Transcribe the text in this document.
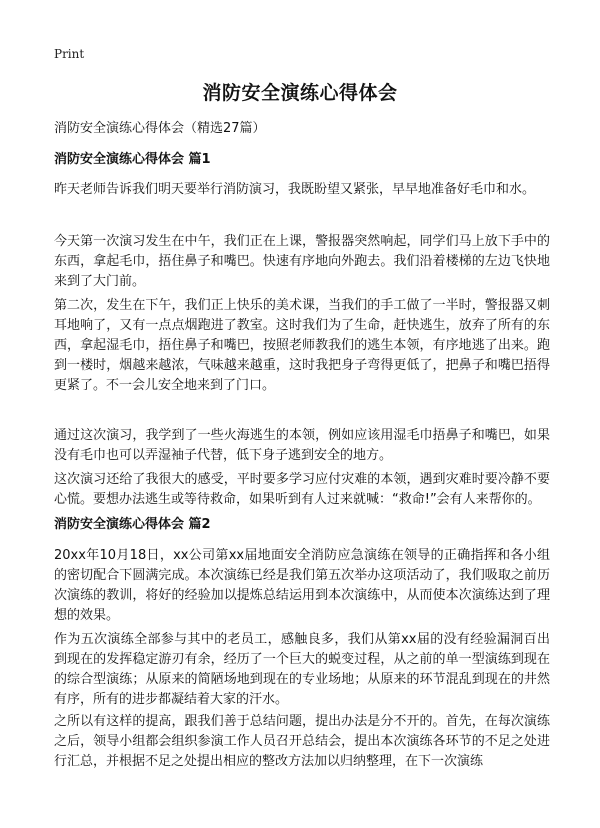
Print
消防安全演练心得体会

消防安全演练心得体会（精选27篇）

消防安全演练心得体会 篇1

昨天老师告诉我们明天要举行消防演习，我既盼望又紧张，早早地准备好毛巾和水。

今天第一次演习发生在中午，我们正在上课，警报器突然响起，同学们马上放下手中的东西，拿起毛巾，捂住鼻子和嘴巴。快速有序地向外跑去。我们沿着楼梯的左边飞快地来到了大门前。

第二次，发生在下午，我们正上快乐的美术课，当我们的手工做了一半时，警报器又刺耳地响了，又有一点点烟跑进了教室。这时我们为了生命，赶快逃生，放弃了所有的东西，拿起湿毛巾，捂住鼻子和嘴巴，按照老师教我们的逃生本领，有序地逃了出来。跑到一楼时，烟越来越浓，气味越来越重，这时我把身子弯得更低了，把鼻子和嘴巴捂得更紧了。不一会儿安全地来到了门口。

通过这次演习，我学到了一些火海逃生的本领，例如应该用湿毛巾捂鼻子和嘴巴，如果没有毛巾也可以弄湿袖子代替，低下身子逃到安全的地方。

这次演习还给了我很大的感受，平时要多学习应付灾难的本领，遇到灾难时要冷静不要心慌。要想办法逃生或等待救命，如果听到有人过来就喊：“救命!”会有人来帮你的。

消防安全演练心得体会 篇2

20xx年10月18日，xx公司第xx届地面安全消防应急演练在领导的正确指挥和各小组的密切配合下圆满完成。本次演练已经是我们第五次举办这项活动了，我们吸取之前历次演练的教训，将好的经验加以提炼总结运用到本次演练中，从而使本次演练达到了理想的效果。

作为五次演练全部参与其中的老员工，感触良多，我们从第xx届的没有经验漏洞百出到现在的发挥稳定游刃有余，经历了一个巨大的蜕变过程，从之前的单一型演练到现在的综合型演练；从原来的简陋场地到现在的专业场地；从原来的环节混乱到现在的井然有序，所有的进步都凝结着大家的汗水。

之所以有这样的提高，跟我们善于总结问题，提出办法是分不开的。首先，在每次演练之后，领导小组都会组织参演工作人员召开总结会，提出本次演练各环节的不足之处进行汇总，并根据不足之处提出相应的整改方法加以归纳整理，在下一次演练
